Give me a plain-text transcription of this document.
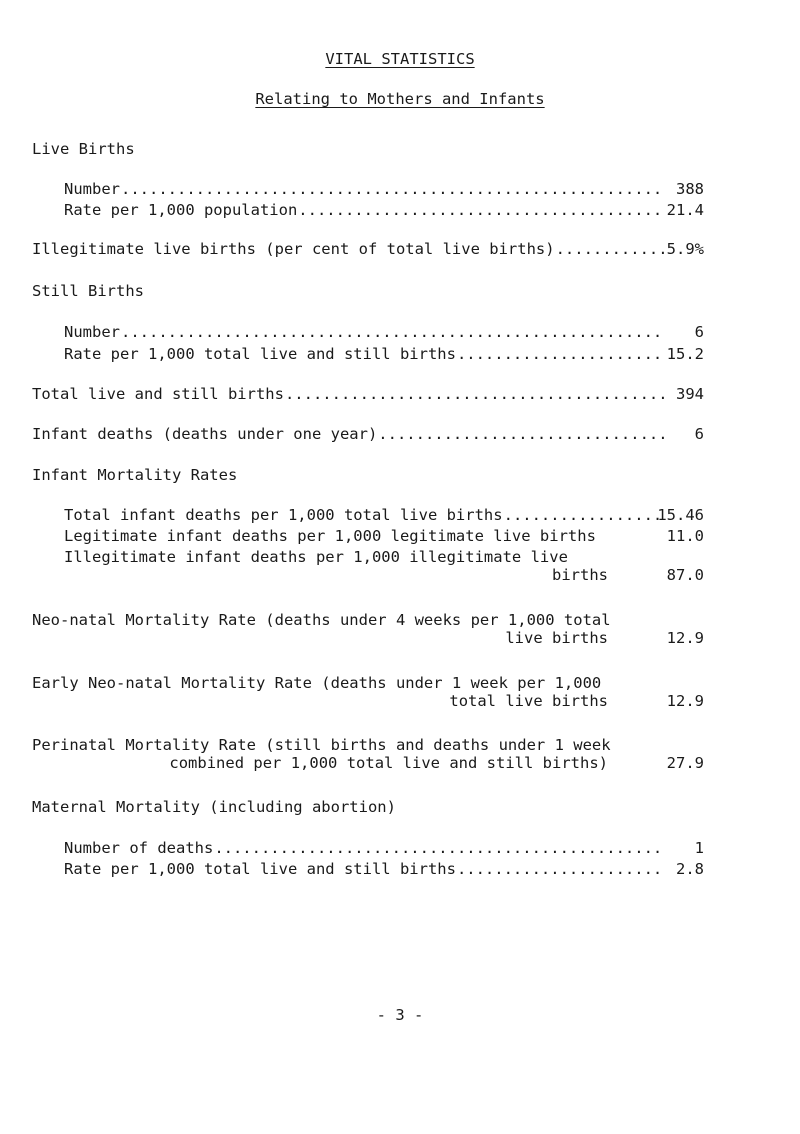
VITAL STATISTICS
Relating to Mothers and Infants
Live Births
Number .....	388
Rate per 1,000 population .....	21.4
Illegitimate live births (per cent of total live births) .....	5.9%
Still Births
Number .....	6
Rate per 1,000 total live and still births .....	15.2
Total live and still births .....	394
Infant deaths (deaths under one year) .....	6
Infant Mortality Rates
Total infant deaths per 1,000 total live births .....	15.46
Legitimate infant deaths per 1,000 legitimate live births	11.0
Illegitimate infant deaths per 1,000 illegitimate live
births	87.0
Neo-natal Mortality Rate (deaths under 4 weeks per 1,000 total
live births	12.9
Early Neo-natal Mortality Rate (deaths under 1 week per 1,000
total live births	12.9
Perinatal Mortality Rate (still births and deaths under 1 week
combined per 1,000 total live and still births)	27.9
Maternal Mortality (including abortion)
Number of deaths .....	1
Rate per 1,000 total live and still births .....	2.8
- 3 -
